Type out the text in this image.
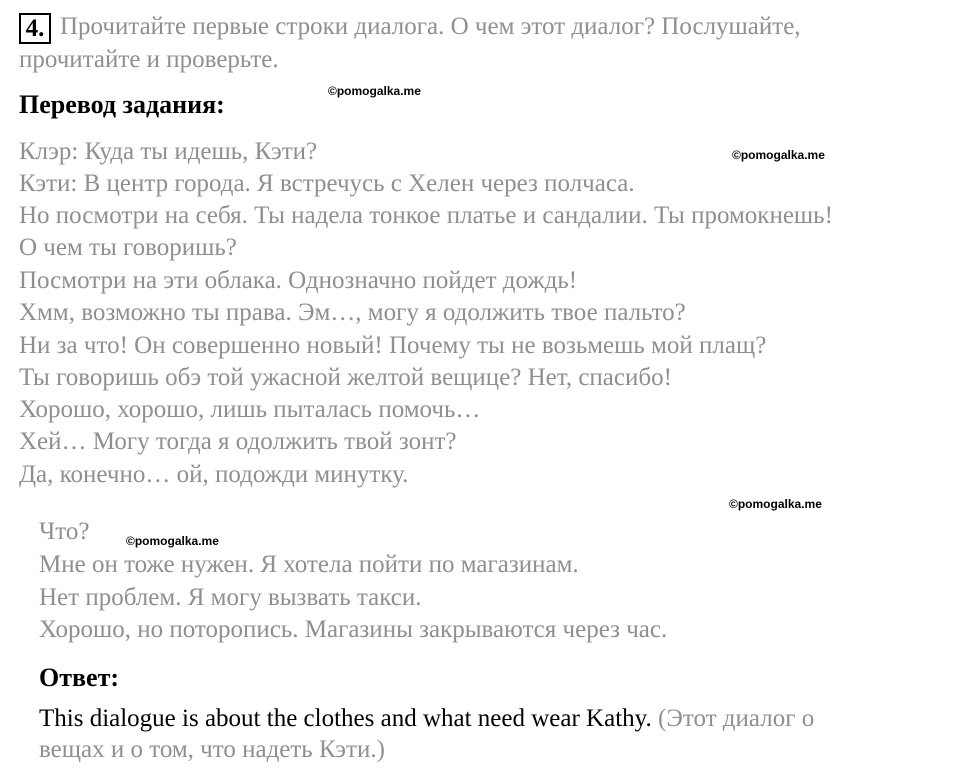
4. Прочитайте первые строки диалога. О чем этот диалог? Послушайте,
прочитайте и проверьте.
Перевод задания:	©pomogalka.me
Клэр: Куда ты идешь, Кэти?	©pomogalka.me
Кэти: В центр города. Я встречусь с Хелен через полчаса.
Но посмотри на себя. Ты надела тонкое платье и сандалии. Ты промокнешь!
О чем ты говоришь?
Посмотри на эти облака. Однозначно пойдет дождь!
Хмм, возможно ты права. Эм…, могу я одолжить твое пальто?
Ни за что! Он совершенно новый! Почему ты не возьмешь мой плащ?
Ты говоришь обэ той ужасной желтой вещице? Нет, спасибо!
Хорошо, хорошо, лишь пыталась помочь…
Хей… Могу тогда я одолжить твой зонт?
Да, конечно… ой, подожди минутку.
©pomogalka.me
Что?	©pomogalka.me
Мне он тоже нужен. Я хотела пойти по магазинам.
Нет проблем. Я могу вызвать такси.
Хорошо, но поторопись. Магазины закрываются через час.
Ответ:
This dialogue is about the clothes and what need wear Kathy. (Этот диалог о
вещах и о том, что надеть Кэти.)
